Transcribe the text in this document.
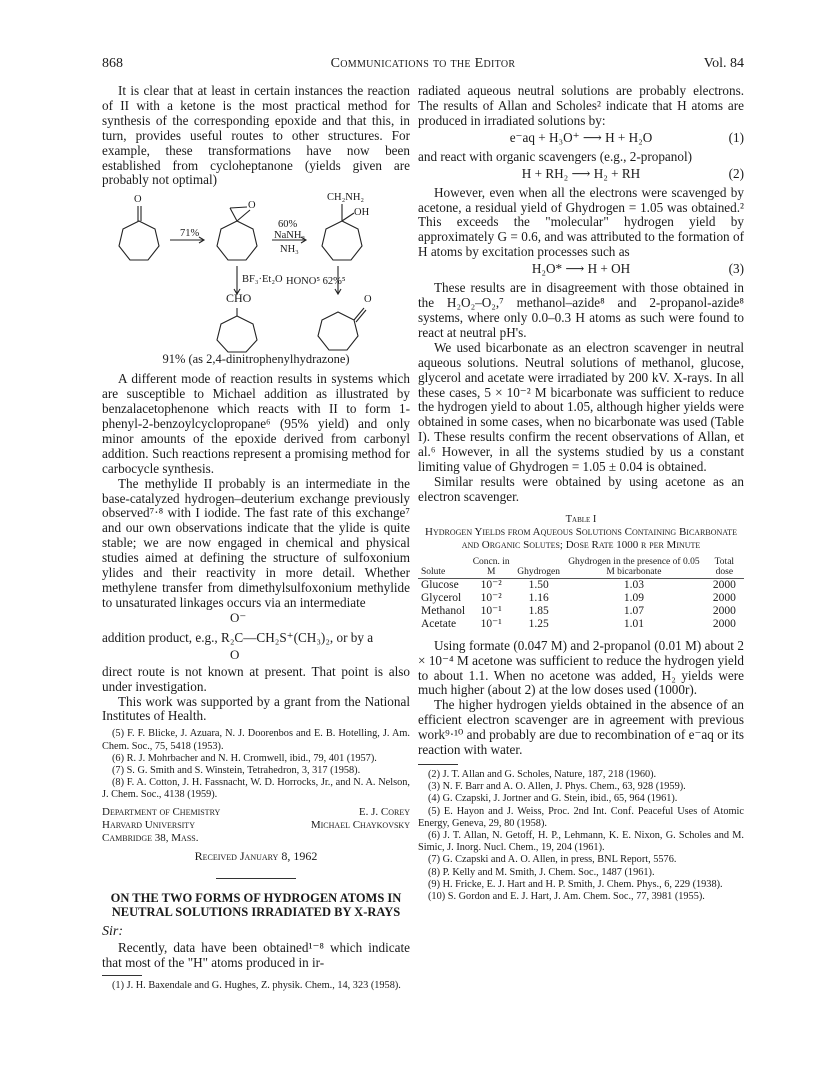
868	Communications to the Editor	Vol. 84

It is clear that at least in certain instances the reaction of II with a ketone is the most practical method for synthesis of the corresponding epoxide and that this, in turn, provides useful routes to other structures. For example, these transformations have now been established from cycloheptanone (yields given are probably not optimal)

O
71%
O
60%
NaNH₂
NH₃
CH₂NH₂
OH
BF₃·Et₂O HONO⁵ 62%⁵
CHO	O
91% (as 2,4-dinitrophenylhydrazone)

A different mode of reaction results in systems which are susceptible to Michael addition as illustrated by benzalacetophenone which reacts with II to form 1-phenyl-2-benzoylcyclopropane⁶ (95% yield) and only minor amounts of the epoxide derived from carbonyl addition. Such reactions represent a promising method for carbocycle synthesis.

The methylide II probably is an intermediate in the base-catalyzed hydrogen–deuterium exchange previously observed⁷·⁸ with I iodide. The fast rate of this exchange⁷ and our own observations indicate that the ylide is quite stable; we are now engaged in chemical and physical studies aimed at defining the structure of sulfoxonium ylides and their reactivity in more detail. Whether methylene transfer from dimethylsulfoxonium methylide to unsaturated linkages occurs via an intermediate

O⁻
addition product, e.g., R₂C—CH₂S⁺(CH₃)₂, or by a
O

direct route is not known at present. That point is also under investigation.

This work was supported by a grant from the National Institutes of Health.

(5) F. F. Blicke, J. Azuara, N. J. Doorenbos and E. B. Hotelling, J. Am. Chem. Soc., 75, 5418 (1953).
(6) R. J. Mohrbacher and N. H. Cromwell, ibid., 79, 401 (1957).
(7) S. G. Smith and S. Winstein, Tetrahedron, 3, 317 (1958).
(8) F. A. Cotton, J. H. Fassnacht, W. D. Horrocks, Jr., and N. A. Nelson, J. Chem. Soc., 4138 (1959).
Department of Chemistry	E. J. Corey
Harvard University	Michael Chaykovsky
Cambridge 38, Mass.
Received January 8, 1962
ON THE TWO FORMS OF HYDROGEN ATOMS IN NEUTRAL SOLUTIONS IRRADIATED BY X-RAYS
Sir:

Recently, data have been obtained¹⁻⁸ which indicate that most of the "H" atoms produced in ir-

(1) J. H. Baxendale and G. Hughes, Z. physik. Chem., 14, 323 (1958).

radiated aqueous neutral solutions are probably electrons. The results of Allan and Scholes² indicate that H atoms are produced in irradiated solutions by:

e⁻aq + H₃O⁺ ⟶ H + H₂O	(1)

and react with organic scavengers (e.g., 2-propanol)

H + RH₂ ⟶ H₂ + RH	(2)

However, even when all the electrons were scavenged by acetone, a residual yield of Ghydrogen = 1.05 was obtained.² This exceeds the "molecular" hydrogen yield by approximately G = 0.6, and was attributed to the formation of H atoms by excitation processes such as

H₂O* ⟶ H + OH	(3)

These results are in disagreement with those obtained in the H₂O₂–O₂,⁷ methanol–azide⁸ and 2-propanol-azide⁸ systems, where only 0.0–0.3 H atoms as such were found to react at neutral pH's.

We used bicarbonate as an electron scavenger in neutral aqueous solutions. Neutral solutions of methanol, glucose, glycerol and acetate were irradiated by 200 kV. X-rays. In all these cases, 5 × 10⁻² M bicarbonate was sufficient to reduce the hydrogen yield to about 1.05, although higher yields were obtained in some cases, when no bicarbonate was used (Table I). These results confirm the recent observations of Allan, et al.⁶ However, in all the systems studied by us a constant limiting value of Ghydrogen = 1.05 ± 0.04 is obtained.

Similar results were obtained by using acetone as an electron scavenger.

Table I
Hydrogen Yields from Aqueous Solutions Containing Bicarbonate and Organic Solutes; Dose Rate 1000 r per Minute
Solute	Concn. in M	Ghydrogen	Ghydrogen in the presence of 0.05 M bicarbonate	Total dose
Glucose	10⁻²	1.50	1.03	2000
Glycerol	10⁻²	1.16	1.09	2000
Methanol	10⁻¹	1.85	1.07	2000
Acetate	10⁻¹	1.25	1.01	2000

Using formate (0.047 M) and 2-propanol (0.01 M) about 2 × 10⁻⁴ M acetone was sufficient to reduce the hydrogen yield to about 1.1. When no acetone was added, H₂ yields were much higher (about 2) at the low doses used (1000r).

The higher hydrogen yields obtained in the absence of an efficient electron scavenger are in agreement with previous work⁹·¹⁰ and probably are due to recombination of e⁻aq or its reaction with water.

(2) J. T. Allan and G. Scholes, Nature, 187, 218 (1960).
(3) N. F. Barr and A. O. Allen, J. Phys. Chem., 63, 928 (1959).
(4) G. Czapski, J. Jortner and G. Stein, ibid., 65, 964 (1961).
(5) E. Hayon and J. Weiss, Proc. 2nd Int. Conf. Peaceful Uses of Atomic Energy, Geneva, 29, 80 (1958).
(6) J. T. Allan, N. Getoff, H. P., Lehmann, K. E. Nixon, G. Scholes and M. Simic, J. Inorg. Nucl. Chem., 19, 204 (1961).
(7) G. Czapski and A. O. Allen, in press, BNL Report, 5576.
(8) P. Kelly and M. Smith, J. Chem. Soc., 1487 (1961).
(9) H. Fricke, E. J. Hart and H. P. Smith, J. Chem. Phys., 6, 229 (1938).
(10) S. Gordon and E. J. Hart, J. Am. Chem. Soc., 77, 3981 (1955).
